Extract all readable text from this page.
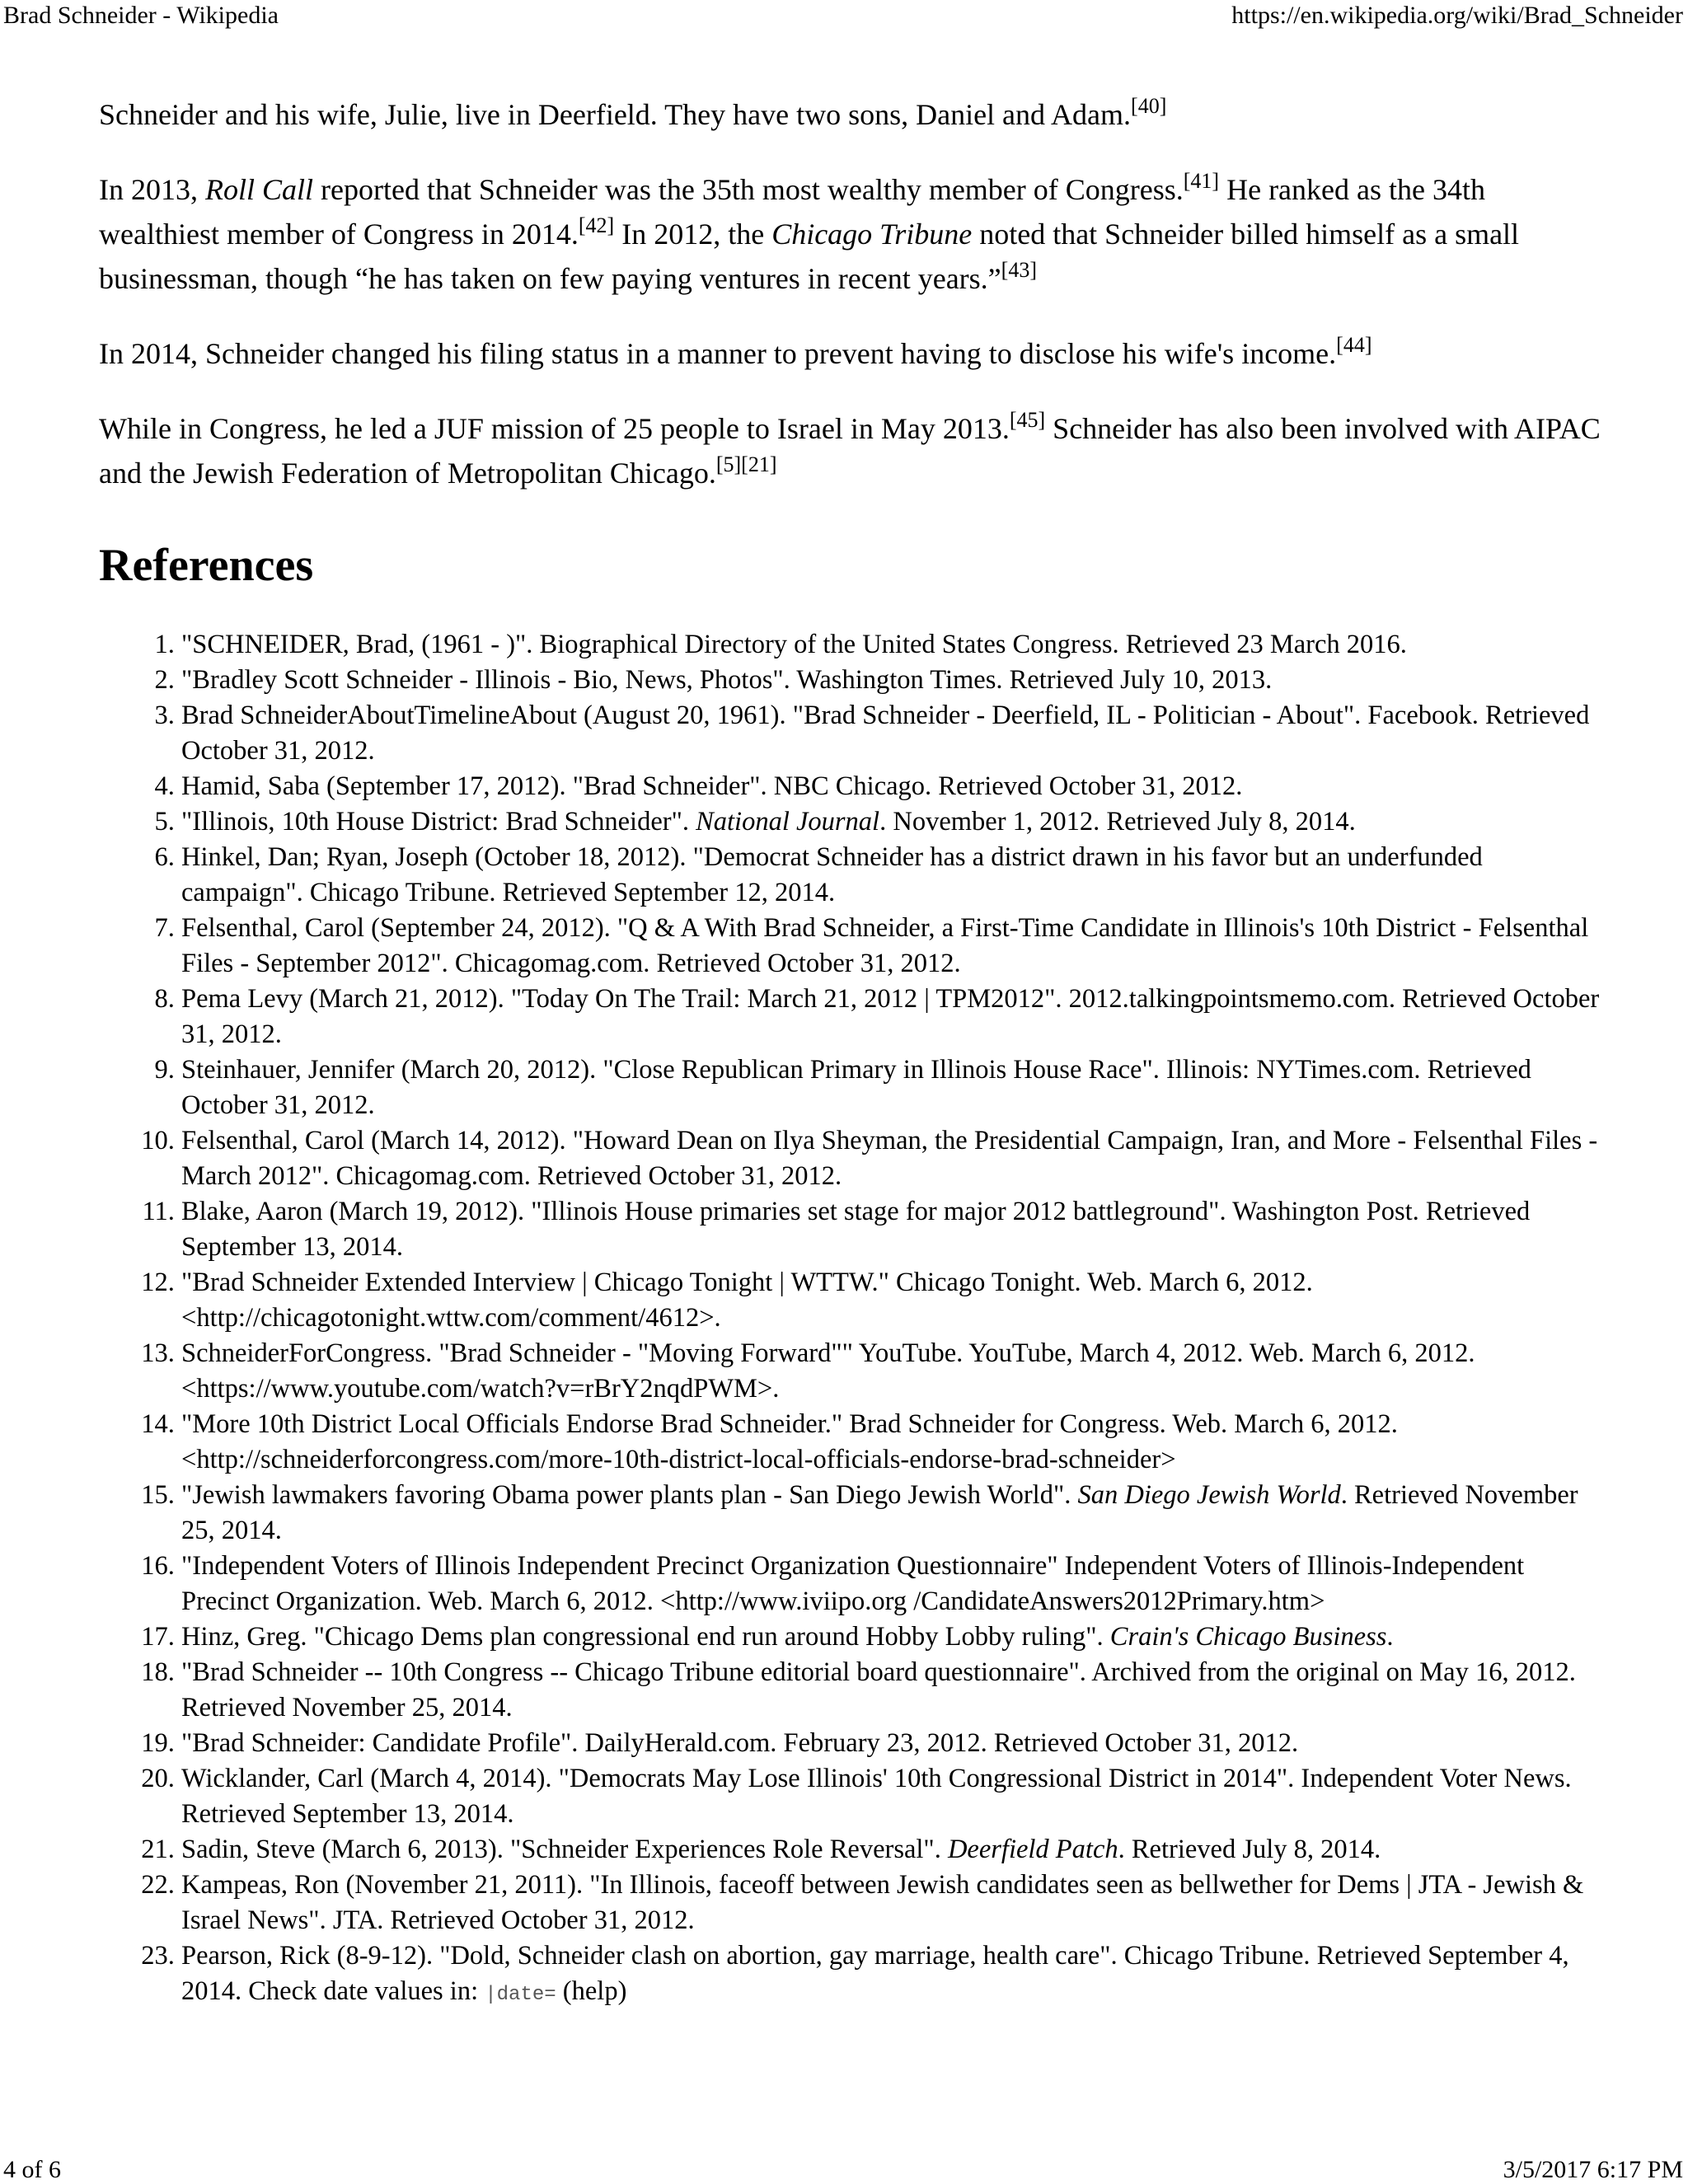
Brad Schneider - Wikipedia	https://en.wikipedia.org/wiki/Brad_Schneider

Schneider and his wife, Julie, live in Deerfield. They have two sons, Daniel and Adam.[40]

In 2013, Roll Call reported that Schneider was the 35th most wealthy member of Congress.[41] He ranked as the 34th wealthiest member of Congress in 2014.[42] In 2012, the Chicago Tribune noted that Schneider billed himself as a small businessman, though “he has taken on few paying ventures in recent years.”[43]

In 2014, Schneider changed his filing status in a manner to prevent having to disclose his wife's income.[44]

While in Congress, he led a JUF mission of 25 people to Israel in May 2013.[45] Schneider has also been involved with AIPAC and the Jewish Federation of Metropolitan Chicago.[5][21]

References
1. "SCHNEIDER, Brad, (1961 - )". Biographical Directory of the United States Congress. Retrieved 23 March 2016.
2. "Bradley Scott Schneider - Illinois - Bio, News, Photos". Washington Times. Retrieved July 10, 2013.
3. Brad SchneiderAboutTimelineAbout (August 20, 1961). "Brad Schneider - Deerfield, IL - Politician - About". Facebook. Retrieved October 31, 2012.
4. Hamid, Saba (September 17, 2012). "Brad Schneider". NBC Chicago. Retrieved October 31, 2012.
5. "Illinois, 10th House District: Brad Schneider". National Journal. November 1, 2012. Retrieved July 8, 2014.
6. Hinkel, Dan; Ryan, Joseph (October 18, 2012). "Democrat Schneider has a district drawn in his favor but an underfunded campaign". Chicago Tribune. Retrieved September 12, 2014.
7. Felsenthal, Carol (September 24, 2012). "Q & A With Brad Schneider, a First-Time Candidate in Illinois's 10th District - Felsenthal Files - September 2012". Chicagomag.com. Retrieved October 31, 2012.
8. Pema Levy (March 21, 2012). "Today On The Trail: March 21, 2012 | TPM2012". 2012.talkingpointsmemo.com. Retrieved October 31, 2012.
9. Steinhauer, Jennifer (March 20, 2012). "Close Republican Primary in Illinois House Race". Illinois: NYTimes.com. Retrieved October 31, 2012.
10. Felsenthal, Carol (March 14, 2012). "Howard Dean on Ilya Sheyman, the Presidential Campaign, Iran, and More - Felsenthal Files - March 2012". Chicagomag.com. Retrieved October 31, 2012.
11. Blake, Aaron (March 19, 2012). "Illinois House primaries set stage for major 2012 battleground". Washington Post. Retrieved September 13, 2014.
12. "Brad Schneider Extended Interview | Chicago Tonight | WTTW." Chicago Tonight. Web. March 6, 2012. <http://chicagotonight.wttw.com/comment/4612>.
13. SchneiderForCongress. "Brad Schneider - "Moving Forward"" YouTube. YouTube, March 4, 2012. Web. March 6, 2012. <https://www.youtube.com/watch?v=rBrY2nqdPWM>.
14. "More 10th District Local Officials Endorse Brad Schneider." Brad Schneider for Congress. Web. March 6, 2012. <http://schneiderforcongress.com/more-10th-district-local-officials-endorse-brad-schneider>
15. "Jewish lawmakers favoring Obama power plants plan - San Diego Jewish World". San Diego Jewish World. Retrieved November 25, 2014.
16. "Independent Voters of Illinois Independent Precinct Organization Questionnaire" Independent Voters of Illinois-Independent Precinct Organization. Web. March 6, 2012. <http://www.iviipo.org /CandidateAnswers2012Primary.htm>
17. Hinz, Greg. "Chicago Dems plan congressional end run around Hobby Lobby ruling". Crain's Chicago Business.
18. "Brad Schneider -- 10th Congress -- Chicago Tribune editorial board questionnaire". Archived from the original on May 16, 2012. Retrieved November 25, 2014.
19. "Brad Schneider: Candidate Profile". DailyHerald.com. February 23, 2012. Retrieved October 31, 2012.
20. Wicklander, Carl (March 4, 2014). "Democrats May Lose Illinois' 10th Congressional District in 2014". Independent Voter News. Retrieved September 13, 2014.
21. Sadin, Steve (March 6, 2013). "Schneider Experiences Role Reversal". Deerfield Patch. Retrieved July 8, 2014.
22. Kampeas, Ron (November 21, 2011). "In Illinois, faceoff between Jewish candidates seen as bellwether for Dems | JTA - Jewish & Israel News". JTA. Retrieved October 31, 2012.
23. Pearson, Rick (8-9-12). "Dold, Schneider clash on abortion, gay marriage, health care". Chicago Tribune. Retrieved September 4, 2014. Check date values in: |date= (help)
4 of 6	3/5/2017 6:17 PM
